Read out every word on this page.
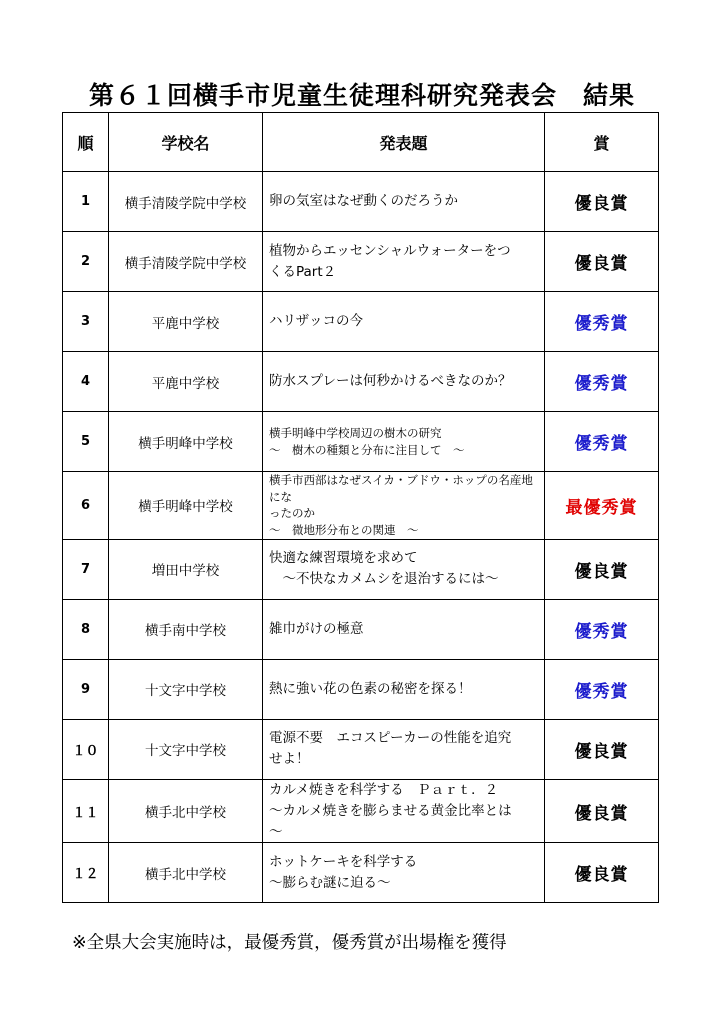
第６１回横手市児童生徒理科研究発表会　結果
順	学校名	発表題	賞
1	横手清陵学院中学校	卵の気室はなぜ動くのだろうか	優良賞
2	横手清陵学院中学校	植物からエッセンシャルウォーターをつ
くるPart２	優良賞
3	平鹿中学校	ハリザッコの今	優秀賞
4	平鹿中学校	防水スプレーは何秒かけるべきなのか？	優秀賞
5	横手明峰中学校	横手明峰中学校周辺の樹木の研究
～　樹木の種類と分布に注目して　～	優秀賞
6	横手明峰中学校	横手市西部はなぜスイカ・ブドウ・ホップの名産地にな
ったのか
～　微地形分布との関連　～	最優秀賞
7	増田中学校	快適な練習環境を求めて
　～不快なカメムシを退治するには～	優良賞
8	横手南中学校	雑巾がけの極意	優秀賞
9	十文字中学校	熱に強い花の色素の秘密を探る！	優秀賞
１０	十文字中学校	電源不要　エコスピーカーの性能を追究
せよ！	優良賞
１１	横手北中学校	カルメ焼きを科学する　Ｐａｒｔ．２
～カルメ焼きを膨らませる黄金比率とは
～	優良賞
１２	横手北中学校	ホットケーキを科学する
～膨らむ謎に迫る～	優良賞
※全県大会実施時は，最優秀賞，優秀賞が出場権を獲得
